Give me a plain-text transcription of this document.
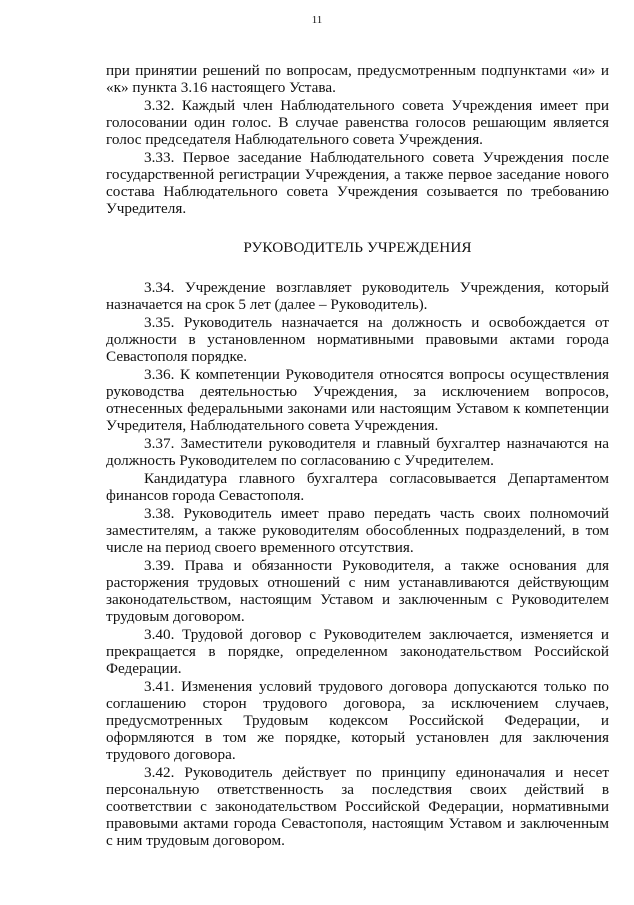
11

при принятии решений по вопросам, предусмотренным подпунктами «и» и «к» пункта 3.16 настоящего Устава.

3.32. Каждый член Наблюдательного совета Учреждения имеет при голосовании один голос. В случае равенства голосов решающим является голос председателя Наблюдательного совета Учреждения.

3.33. Первое заседание Наблюдательного совета Учреждения после государственной регистрации Учреждения, а также первое заседание нового состава Наблюдательного совета Учреждения созывается по требованию Учредителя.

РУКОВОДИТЕЛЬ УЧРЕЖДЕНИЯ

3.34. Учреждение возглавляет руководитель Учреждения, который назначается на срок 5 лет (далее – Руководитель).

3.35. Руководитель назначается на должность и освобождается от должности в установленном нормативными правовыми актами города Севастополя порядке.

3.36. К компетенции Руководителя относятся вопросы осуществления руководства деятельностью Учреждения, за исключением вопросов, отнесенных федеральными законами или настоящим Уставом к компетенции Учредителя, Наблюдательного совета Учреждения.

3.37. Заместители руководителя и главный бухгалтер назначаются на должность Руководителем по согласованию с Учредителем.

Кандидатура главного бухгалтера согласовывается Департаментом финансов города Севастополя.

3.38. Руководитель имеет право передать часть своих полномочий заместителям, а также руководителям обособленных подразделений, в том числе на период своего временного отсутствия.

3.39. Права и обязанности Руководителя, а также основания для расторжения трудовых отношений с ним устанавливаются действующим законодательством, настоящим Уставом и заключенным с Руководителем трудовым договором.

3.40. Трудовой договор с Руководителем заключается, изменяется и прекращается в порядке, определенном законодательством Российской Федерации.

3.41. Изменения условий трудового договора допускаются только по соглашению сторон трудового договора, за исключением случаев, предусмотренных Трудовым кодексом Российской Федерации, и оформляются в том же порядке, который установлен для заключения трудового договора.

3.42. Руководитель действует по принципу единоначалия и несет персональную ответственность за последствия своих действий в соответствии с законодательством Российской Федерации, нормативными правовыми актами города Севастополя, настоящим Уставом и заключенным с ним трудовым договором.
